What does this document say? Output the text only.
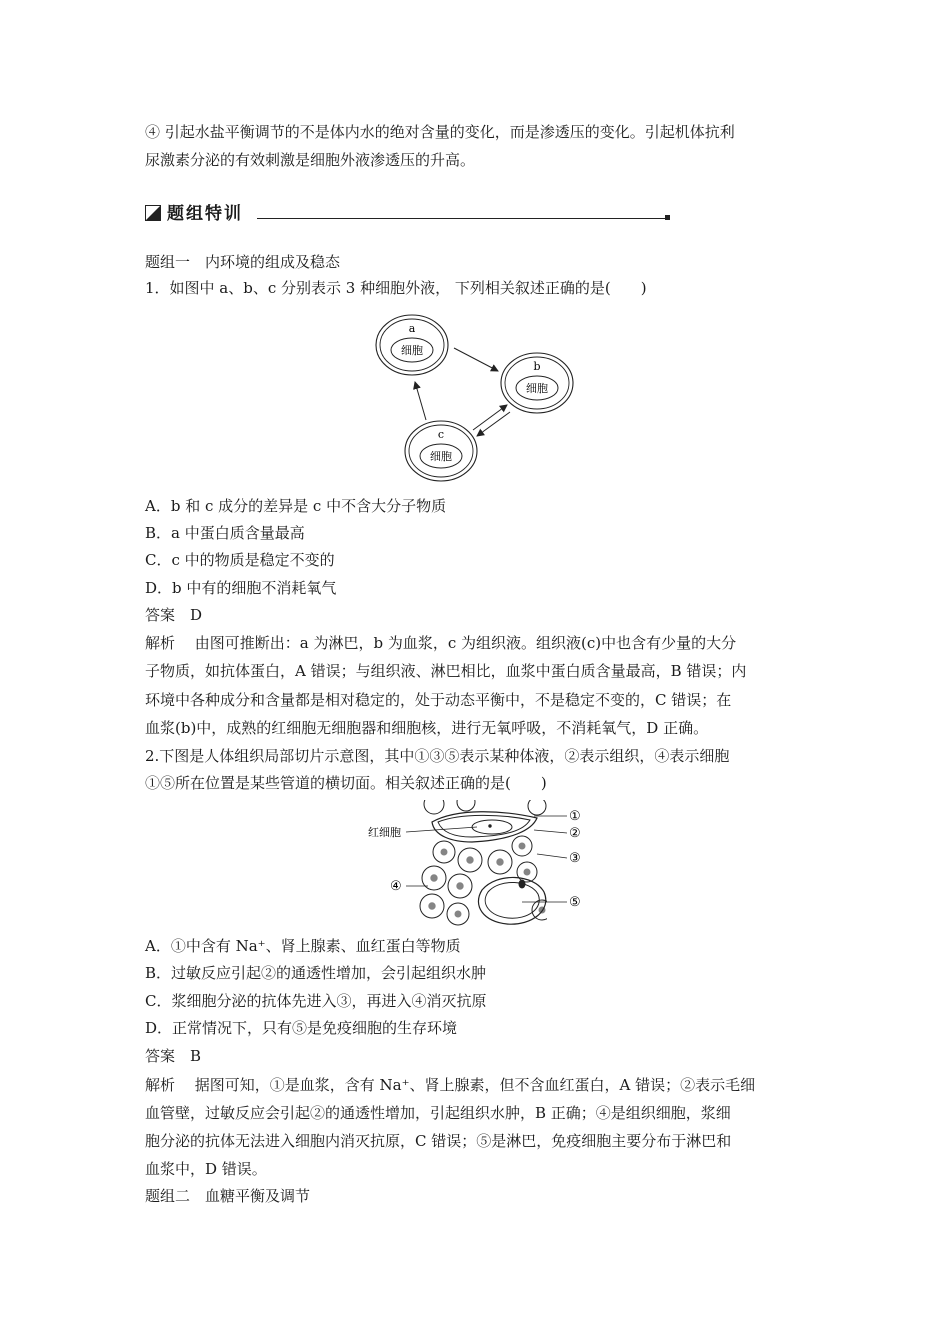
④ 引起水盐平衡调节的不是体内水的绝对含量的变化，而是渗透压的变化。引起机体抗利

尿激素分泌的有效刺激是细胞外液渗透压的升高。

题组特训

题组一　内环境的组成及稳态

1．如图中 a、b、c 分别表示 3 种细胞外液， 下列相关叙述正确的是(　　)

a
细胞
b
细胞
c
细胞

A．b 和 c 成分的差异是 c 中不含大分子物质

B．a 中蛋白质含量最高

C．c 中的物质是稳定不变的

D．b 中有的细胞不消耗氧气

答案　D

解析　 由图可推断出：a 为淋巴，b 为血浆，c 为组织液。组织液(c)中也含有少量的大分

子物质，如抗体蛋白，A 错误；与组织液、淋巴相比，血浆中蛋白质含量最高，B 错误；内

环境中各种成分和含量都是相对稳定的，处于动态平衡中，不是稳定不变的，C 错误；在

血浆(b)中，成熟的红细胞无细胞器和细胞核，进行无氧呼吸，不消耗氧气，D 正确。

2.下图是人体组织局部切片示意图，其中①③⑤表示某种体液，②表示组织，④表示细胞

①⑤所在位置是某些管道的横切面。相关叙述正确的是(　　)

红细胞
①
②
③
④
⑤

A．①中含有 Na⁺、肾上腺素、血红蛋白等物质

B．过敏反应引起②的通透性增加，会引起组织水肿

C．浆细胞分泌的抗体先进入③，再进入④消灭抗原

D．正常情况下，只有⑤是免疫细胞的生存环境

答案　B

解析　 据图可知，①是血浆，含有 Na⁺、肾上腺素，但不含血红蛋白，A 错误；②表示毛细

血管壁，过敏反应会引起②的通透性增加，引起组织水肿，B 正确；④是组织细胞，浆细

胞分泌的抗体无法进入细胞内消灭抗原，C 错误；⑤是淋巴，免疫细胞主要分布于淋巴和

血浆中，D 错误。

题组二　血糖平衡及调节
